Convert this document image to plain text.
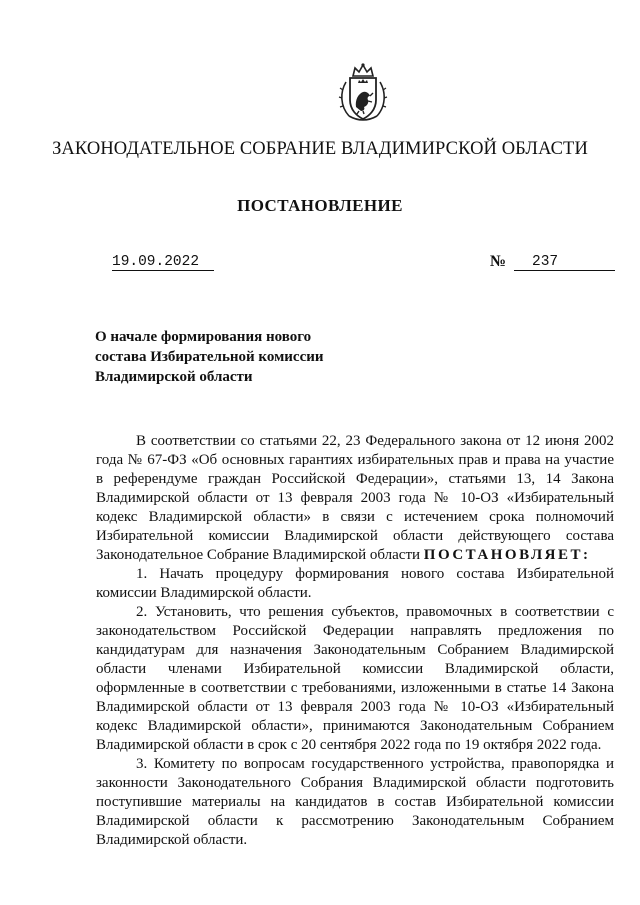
ЗАКОНОДАТЕЛЬНОЕ СОБРАНИЕ ВЛАДИМИРСКОЙ ОБЛАСТИ
ПОСТАНОВЛЕНИЕ
19.09.2022	№	237
О начале формирования нового состава Избирательной комиссии Владимирской области

В соответствии со статьями 22, 23 Федерального закона от 12 июня 2002 года № 67-ФЗ «Об основных гарантиях избирательных прав и права на участие в референдуме граждан Российской Федерации», статьями 13, 14 Закона Владимирской области от 13 февраля 2003 года № 10-ОЗ «Избирательный кодекс Владимирской области» в связи с истечением срока полномочий Избирательной комиссии Владимирской области действующего состава Законодательное Собрание Владимирской области ПОСТАНОВЛЯЕТ:

1. Начать процедуру формирования нового состава Избирательной комиссии Владимирской области.

2. Установить, что решения субъектов, правомочных в соответствии с законодательством Российской Федерации направлять предложения по кандидатурам для назначения Законодательным Собранием Владимирской области членами Избирательной комиссии Владимирской области, оформленные в соответствии с требованиями, изложенными в статье 14 Закона Владимирской области от 13 февраля 2003 года № 10-ОЗ «Избирательный кодекс Владимирской области», принимаются Законодательным Собранием Владимирской области в срок с 20 сентября 2022 года по 19 октября 2022 года.

3. Комитету по вопросам государственного устройства, правопорядка и законности Законодательного Собрания Владимирской области подготовить поступившие материалы на кандидатов в состав Избирательной комиссии Владимирской области к рассмотрению Законодательным Собранием Владимирской области.
